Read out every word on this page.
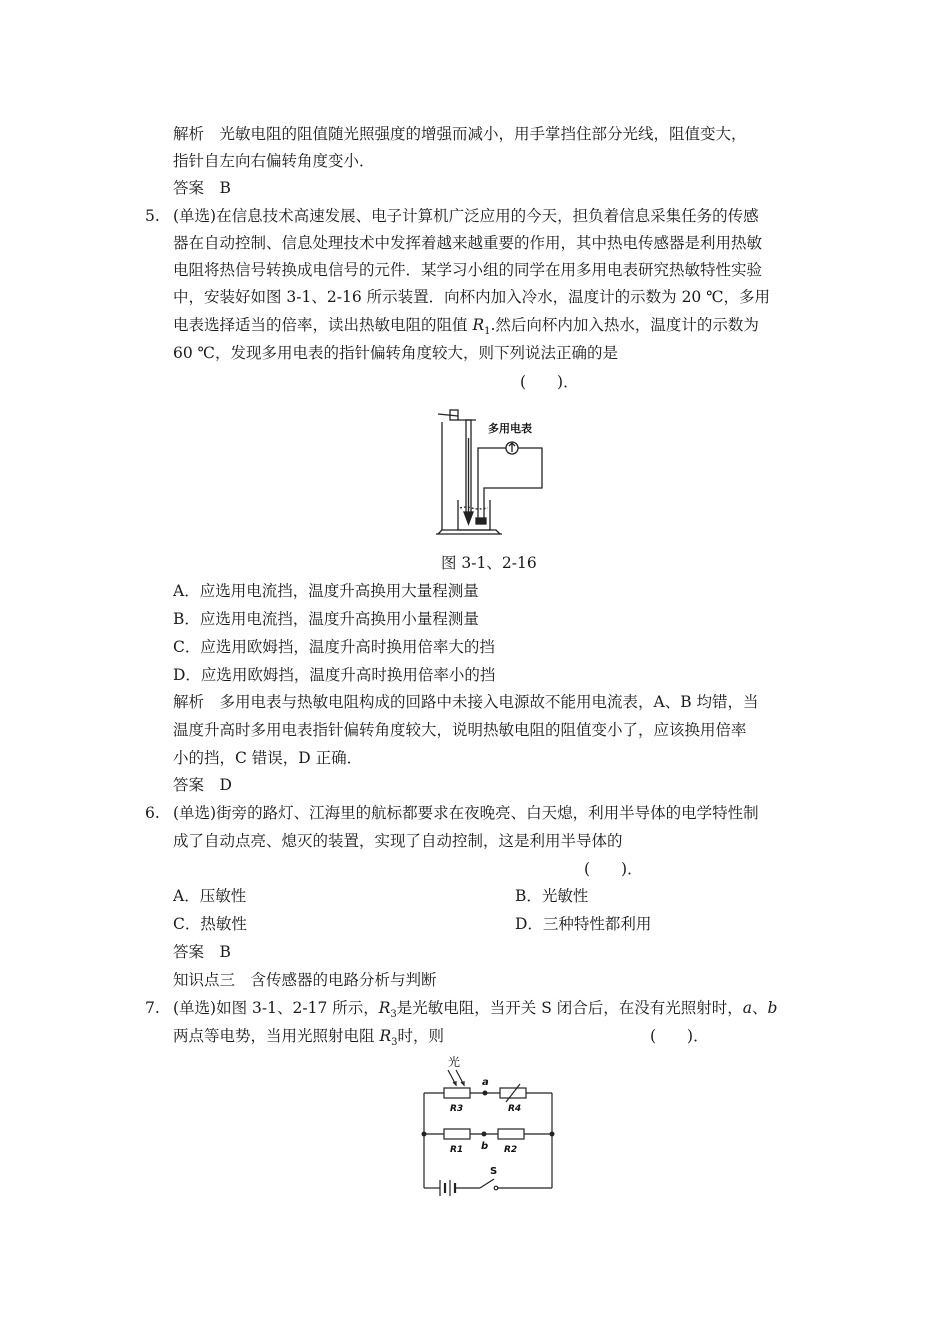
解析　光敏电阻的阻值随光照强度的增强而减小，用手掌挡住部分光线，阻值变大，
指针自左向右偏转角度变小．
答案　B
5. (单选)在信息技术高速发展、电子计算机广泛应用的今天，担负着信息采集任务的传感
器在自动控制、信息处理技术中发挥着越来越重要的作用，其中热电传感器是利用热敏
电阻将热信号转换成电信号的元件．某学习小组的同学在用多用电表研究热敏特性实验
中，安装好如图 3-1、2-16 所示装置．向杯内加入冷水，温度计的示数为 20 ℃，多用
电表选择适当的倍率，读出热敏电阻的阻值 $R_1$.然后向杯内加入热水，温度计的示数为
60 ℃，发现多用电表的指针偏转角度较大，则下列说法正确的是
(　　)．
多用电表
图 3-1、2-16
A．应选用电流挡，温度升高换用大量程测量
B．应选用电流挡，温度升高换用小量程测量
C．应选用欧姆挡，温度升高时换用倍率大的挡
D．应选用欧姆挡，温度升高时换用倍率小的挡
解析　多用电表与热敏电阻构成的回路中未接入电源故不能用电流表，A、B 均错，当
温度升高时多用电表指针偏转角度较大，说明热敏电阻的阻值变小了，应该换用倍率
小的挡，C 错误，D 正确．
答案　D
6. (单选)街旁的路灯、江海里的航标都要求在夜晚亮、白天熄，利用半导体的电学特性制
成了自动点亮、熄灭的装置，实现了自动控制，这是利用半导体的
(　　)．
A．压敏性	B．光敏性
C．热敏性	D．三种特性都利用
答案　B
知识点三　含传感器的电路分析与判断
7. (单选)如图 3-1、2-17 所示，$R_3$是光敏电阻，当开关 S 闭合后，在没有光照射时，a、b
两点等电势，当用光照射电阻 $R_3$时，则	(　　)．
光
a
b
S
R3	R4
R1	R2
